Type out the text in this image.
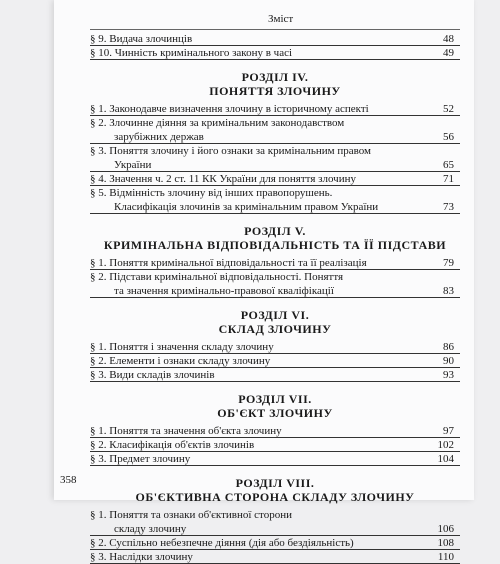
Зміст
§ 9. Видача злочинців	48
§ 10. Чинність кримінального закону в часі	49
РОЗДІЛ IV.
ПОНЯТТЯ ЗЛОЧИНУ
§ 1. Законодавче визначення злочину в історичному аспекті	52
§ 2. Злочинне діяння за кримінальним законодавством
зарубіжних держав	56
§ 3. Поняття злочину і його ознаки за кримінальним правом
України	65
§ 4. Значення ч. 2 ст. 11 КК України для поняття злочину	71
§ 5. Відмінність злочину від інших правопорушень.
Класифікація злочинів за кримінальним правом України	73
РОЗДІЛ V.
КРИМІНАЛЬНА ВІДПОВІДАЛЬНІСТЬ ТА ЇЇ ПІДСТАВИ
§ 1. Поняття кримінальної відповідальності та її реалізація	79
§ 2. Підстави кримінальної відповідальності. Поняття
та значення кримінально-правової кваліфікації	83
РОЗДІЛ VI.
СКЛАД ЗЛОЧИНУ
§ 1. Поняття і значення складу злочину	86
§ 2. Елементи і ознаки складу злочину	90
§ 3. Види складів злочинів	93
РОЗДІЛ VII.
ОБ'ЄКТ ЗЛОЧИНУ
§ 1. Поняття та значення об'єкта злочину	97
§ 2. Класифікація об'єктів злочинів	102
§ 3. Предмет злочину	104
РОЗДІЛ VIII.
ОБ'ЄКТИВНА СТОРОНА СКЛАДУ ЗЛОЧИНУ
§ 1. Поняття та ознаки об'єктивної сторони
складу злочину	106
§ 2. Суспільно небезпечне діяння (дія або бездіяльність)	108
§ 3. Наслідки злочину	110
358
